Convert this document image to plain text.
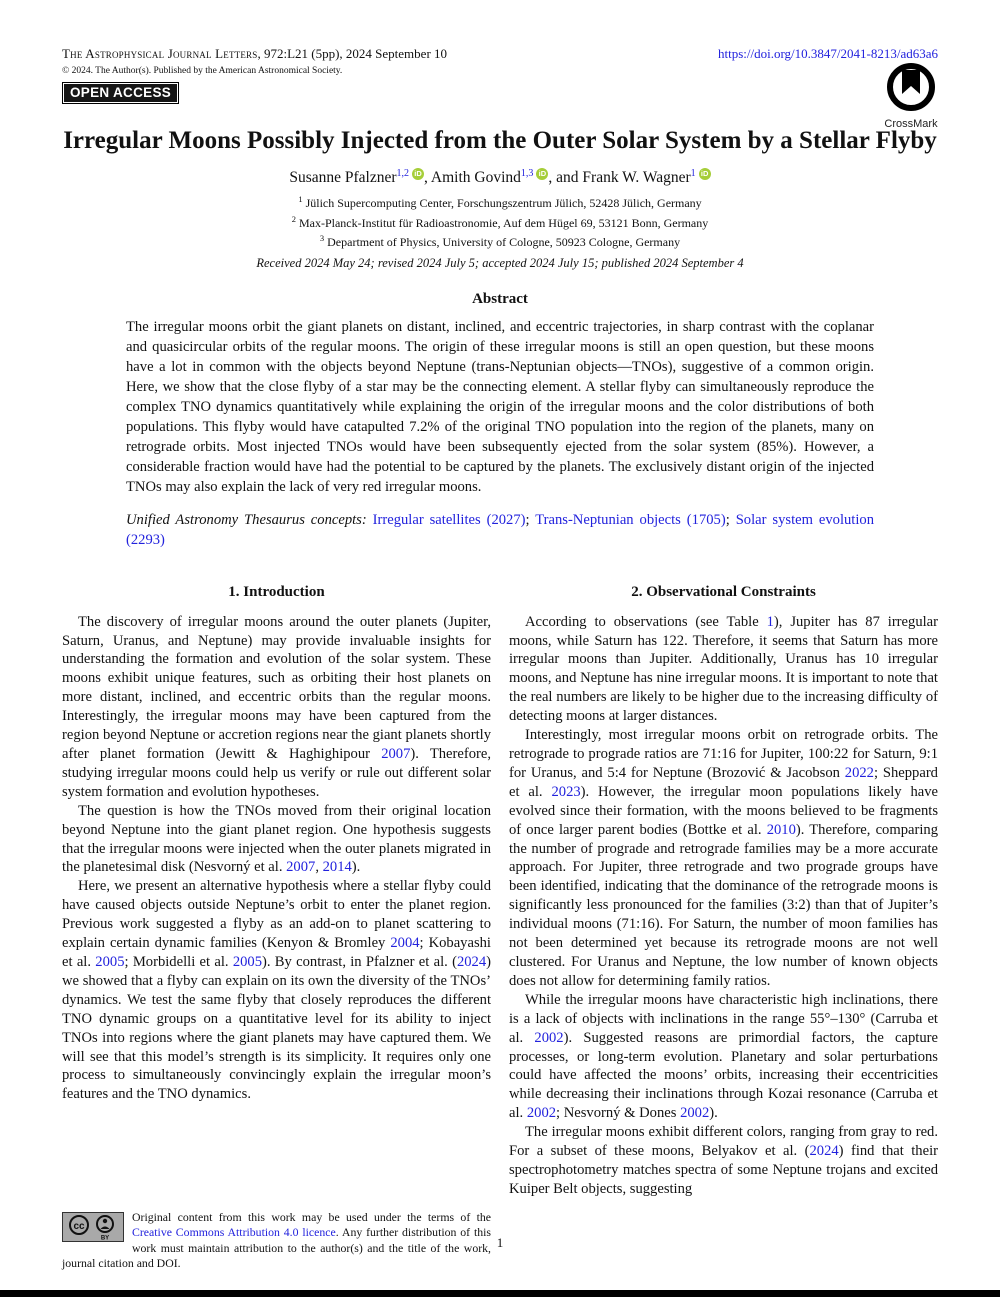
The Astrophysical Journal Letters, 972:L21 (5pp), 2024 September 10	https://doi.org/10.3847/2041-8213/ad63a6
© 2024. The Author(s). Published by the American Astronomical Society.
OPEN ACCESS
CrossMark
Irregular Moons Possibly Injected from the Outer Solar System by a Stellar Flyby
Susanne Pfalzner$^{1,2}$ iD , Amith Govind$^{1,3}$ iD , and Frank W. Wagner$^1$ iD
$^1$ Jülich Supercomputing Center, Forschungszentrum Jülich, 52428 Jülich, Germany
$^2$ Max-Planck-Institut für Radioastronomie, Auf dem Hügel 69, 53121 Bonn, Germany
$^3$ Department of Physics, University of Cologne, 50923 Cologne, Germany
Received 2024 May 24; revised 2024 July 5; accepted 2024 July 15; published 2024 September 4
Abstract

The irregular moons orbit the giant planets on distant, inclined, and eccentric trajectories, in sharp contrast with the coplanar and quasicircular orbits of the regular moons. The origin of these irregular moons is still an open question, but these moons have a lot in common with the objects beyond Neptune (trans-Neptunian objects—TNOs), suggestive of a common origin. Here, we show that the close flyby of a star may be the connecting element. A stellar flyby can simultaneously reproduce the complex TNO dynamics quantitatively while explaining the origin of the irregular moons and the color distributions of both populations. This flyby would have catapulted 7.2% of the original TNO population into the region of the planets, many on retrograde orbits. Most injected TNOs would have been subsequently ejected from the solar system (85%). However, a considerable fraction would have had the potential to be captured by the planets. The exclusively distant origin of the injected TNOs may also explain the lack of very red irregular moons.

Unified Astronomy Thesaurus concepts: Irregular satellites (2027); Trans-Neptunian objects (1705); Solar system evolution (2293)

1. Introduction

The discovery of irregular moons around the outer planets (Jupiter, Saturn, Uranus, and Neptune) may provide invaluable insights for understanding the formation and evolution of the solar system. These moons exhibit unique features, such as orbiting their host planets on more distant, inclined, and eccentric orbits than the regular moons. Interestingly, the irregular moons may have been captured from the region beyond Neptune or accretion regions near the giant planets shortly after planet formation (Jewitt & Haghighipour 2007). Therefore, studying irregular moons could help us verify or rule out different solar system formation and evolution hypotheses.

The question is how the TNOs moved from their original location beyond Neptune into the giant planet region. One hypothesis suggests that the irregular moons were injected when the outer planets migrated in the planetesimal disk (Nesvorný et al. 2007, 2014).

Here, we present an alternative hypothesis where a stellar flyby could have caused objects outside Neptune’s orbit to enter the planet region. Previous work suggested a flyby as an add-on to planet scattering to explain certain dynamic families (Kenyon & Bromley 2004; Kobayashi et al. 2005; Morbidelli et al. 2005). By contrast, in Pfalzner et al. (2024) we showed that a flyby can explain on its own the diversity of the TNOs’ dynamics. We test the same flyby that closely reproduces the different TNO dynamic groups on a quantitative level for its ability to inject TNOs into regions where the giant planets may have captured them. We will see that this model’s strength is its simplicity. It requires only one process to simultaneously convincingly explain the irregular moon’s features and the TNO dynamics.

cc
BY
Original content from this work may be used under the terms of the Creative Commons Attribution 4.0 licence. Any further distribution of this work must maintain attribution to the author(s) and the title of the work, journal citation and DOI.
2. Observational Constraints

According to observations (see Table 1), Jupiter has 87 irregular moons, while Saturn has 122. Therefore, it seems that Saturn has more irregular moons than Jupiter. Additionally, Uranus has 10 irregular moons, and Neptune has nine irregular moons. It is important to note that the real numbers are likely to be higher due to the increasing difficulty of detecting moons at larger distances.

Interestingly, most irregular moons orbit on retrograde orbits. The retrograde to prograde ratios are 71:16 for Jupiter, 100:22 for Saturn, 9:1 for Uranus, and 5:4 for Neptune (Brozović & Jacobson 2022; Sheppard et al. 2023). However, the irregular moon populations likely have evolved since their formation, with the moons believed to be fragments of once larger parent bodies (Bottke et al. 2010). Therefore, comparing the number of prograde and retrograde families may be a more accurate approach. For Jupiter, three retrograde and two prograde groups have been identified, indicating that the dominance of the retrograde moons is significantly less pronounced for the families (3:2) than that of Jupiter’s individual moons (71:16). For Saturn, the number of moon families has not been determined yet because its retrograde moons are not well clustered. For Uranus and Neptune, the low number of known objects does not allow for determining family ratios.

While the irregular moons have characteristic high inclinations, there is a lack of objects with inclinations in the range 55°–130° (Carruba et al. 2002). Suggested reasons are primordial factors, the capture processes, or long-term evolution. Planetary and solar perturbations could have affected the moons’ orbits, increasing their eccentricities while decreasing their inclinations through Kozai resonance (Carruba et al. 2002; Nesvorný & Dones 2002).

The irregular moons exhibit different colors, ranging from gray to red. For a subset of these moons, Belyakov et al. (2024) find that their spectrophotometry matches spectra of some Neptune trojans and excited Kuiper Belt objects, suggesting

1
